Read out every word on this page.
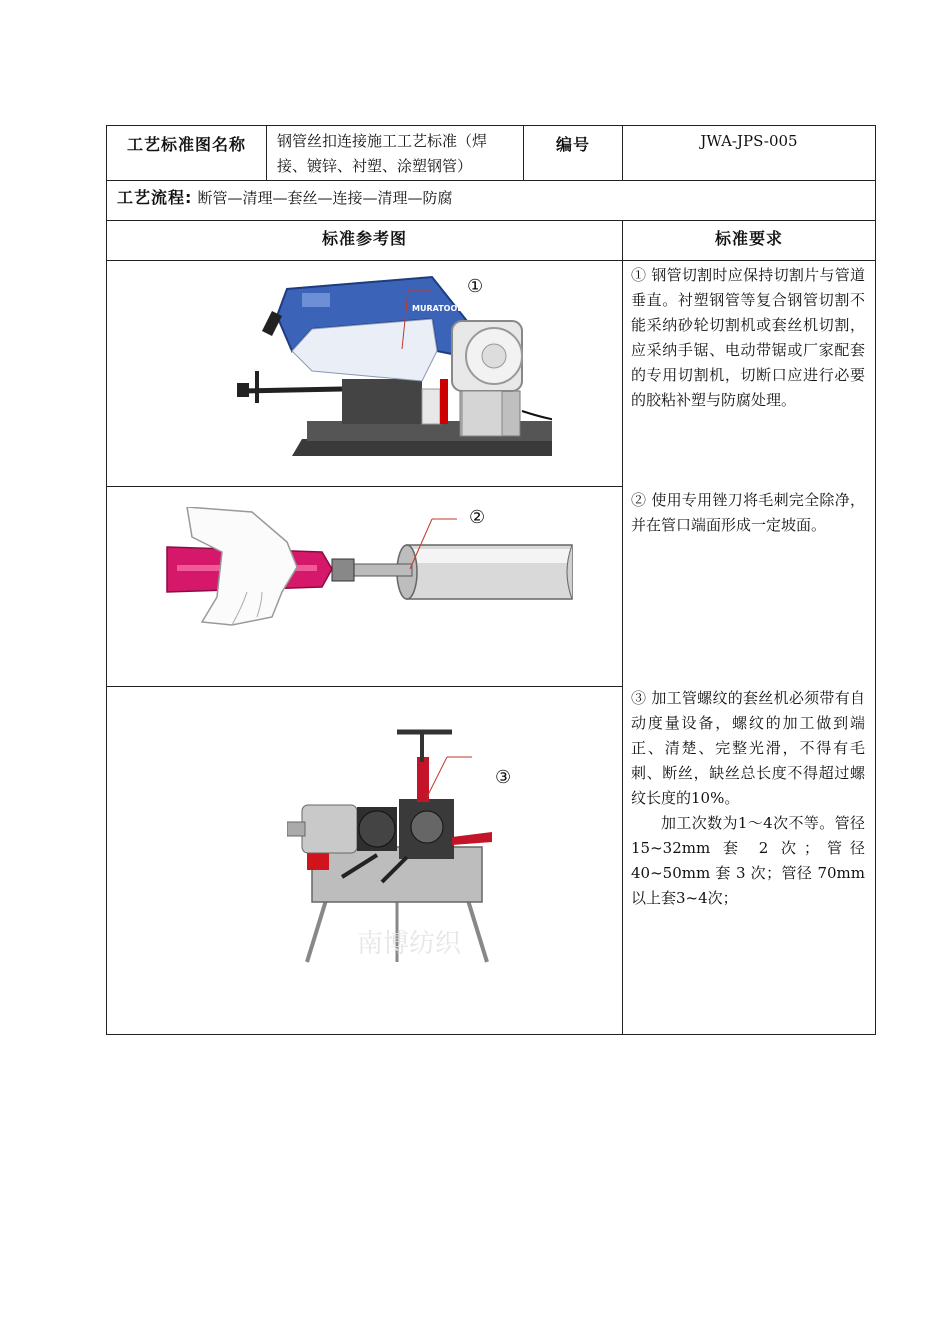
工艺标准图名称	钢管丝扣连接施工工艺标准（焊接、镀锌、衬塑、涂塑钢管）
编号	JWA-JPS-005
工艺流程: 断管—清理—套丝—连接—清理—防腐
标准参考图	标准要求
MURATOOLS
①
②
南博纺织
③

① 钢管切割时应保持切割片与管道垂直。衬塑钢管等复合钢管切割不能采纳砂轮切割机或套丝机切割，应采纳手锯、电动带锯或厂家配套的专用切割机，切断口应进行必要的胶粘补塑与防腐处理。

② 使用专用锉刀将毛刺完全除净，并在管口端面形成一定坡面。

③ 加工管螺纹的套丝机必须带有自动度量设备，螺纹的加工做到端正、清楚、完整光滑，不得有毛刺、断丝，缺丝总长度不得超过螺纹长度的10%。

加工次数为1～4次不等。管径 15~32mm 套 2 次；管径 40~50mm 套 3 次；管径 70mm 以上套3~4次；
